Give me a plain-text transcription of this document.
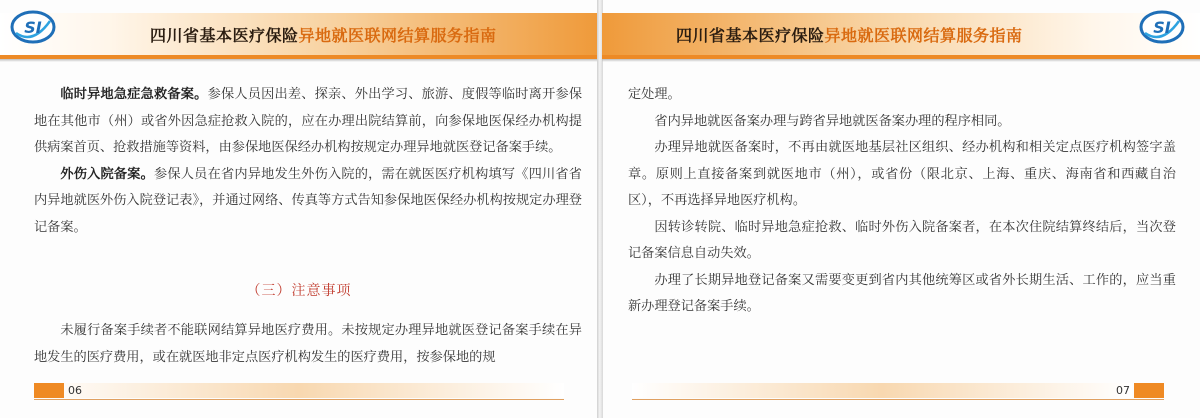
SI	四川省基本医疗保险异地就医联网结算服务指南

临时异地急症急救备案。参保人员因出差、探亲、外出学习、旅游、度假等临时离开参保地在其他市（州）或省外因急症抢救入院的，应在办理出院结算前，向参保地医保经办机构提供病案首页、抢救措施等资料，由参保地医保经办机构按规定办理异地就医登记备案手续。

外伤入院备案。参保人员在省内异地发生外伤入院的，需在就医医疗机构填写《四川省省内异地就医外伤入院登记表》，并通过网络、传真等方式告知参保地医保经办机构按规定办理登记备案。

（三）注意事项

未履行备案手续者不能联网结算异地医疗费用。未按规定办理异地就医登记备案手续在异地发生的医疗费用，或在就医地非定点医疗机构发生的医疗费用，按参保地的规

06
四川省基本医疗保险异地就医联网结算服务指南	SI

定处理。

省内异地就医备案办理与跨省异地就医备案办理的程序相同。

办理异地就医备案时，不再由就医地基层社区组织、经办机构和相关定点医疗机构签字盖章。原则上直接备案到就医地市（州），或省份（限北京、上海、重庆、海南省和西藏自治区），不再选择异地医疗机构。

因转诊转院、临时异地急症抢救、临时外伤入院备案者，在本次住院结算终结后，当次登记备案信息自动失效。

办理了长期异地登记备案又需要变更到省内其他统筹区或省外长期生活、工作的，应当重新办理登记备案手续。

07
